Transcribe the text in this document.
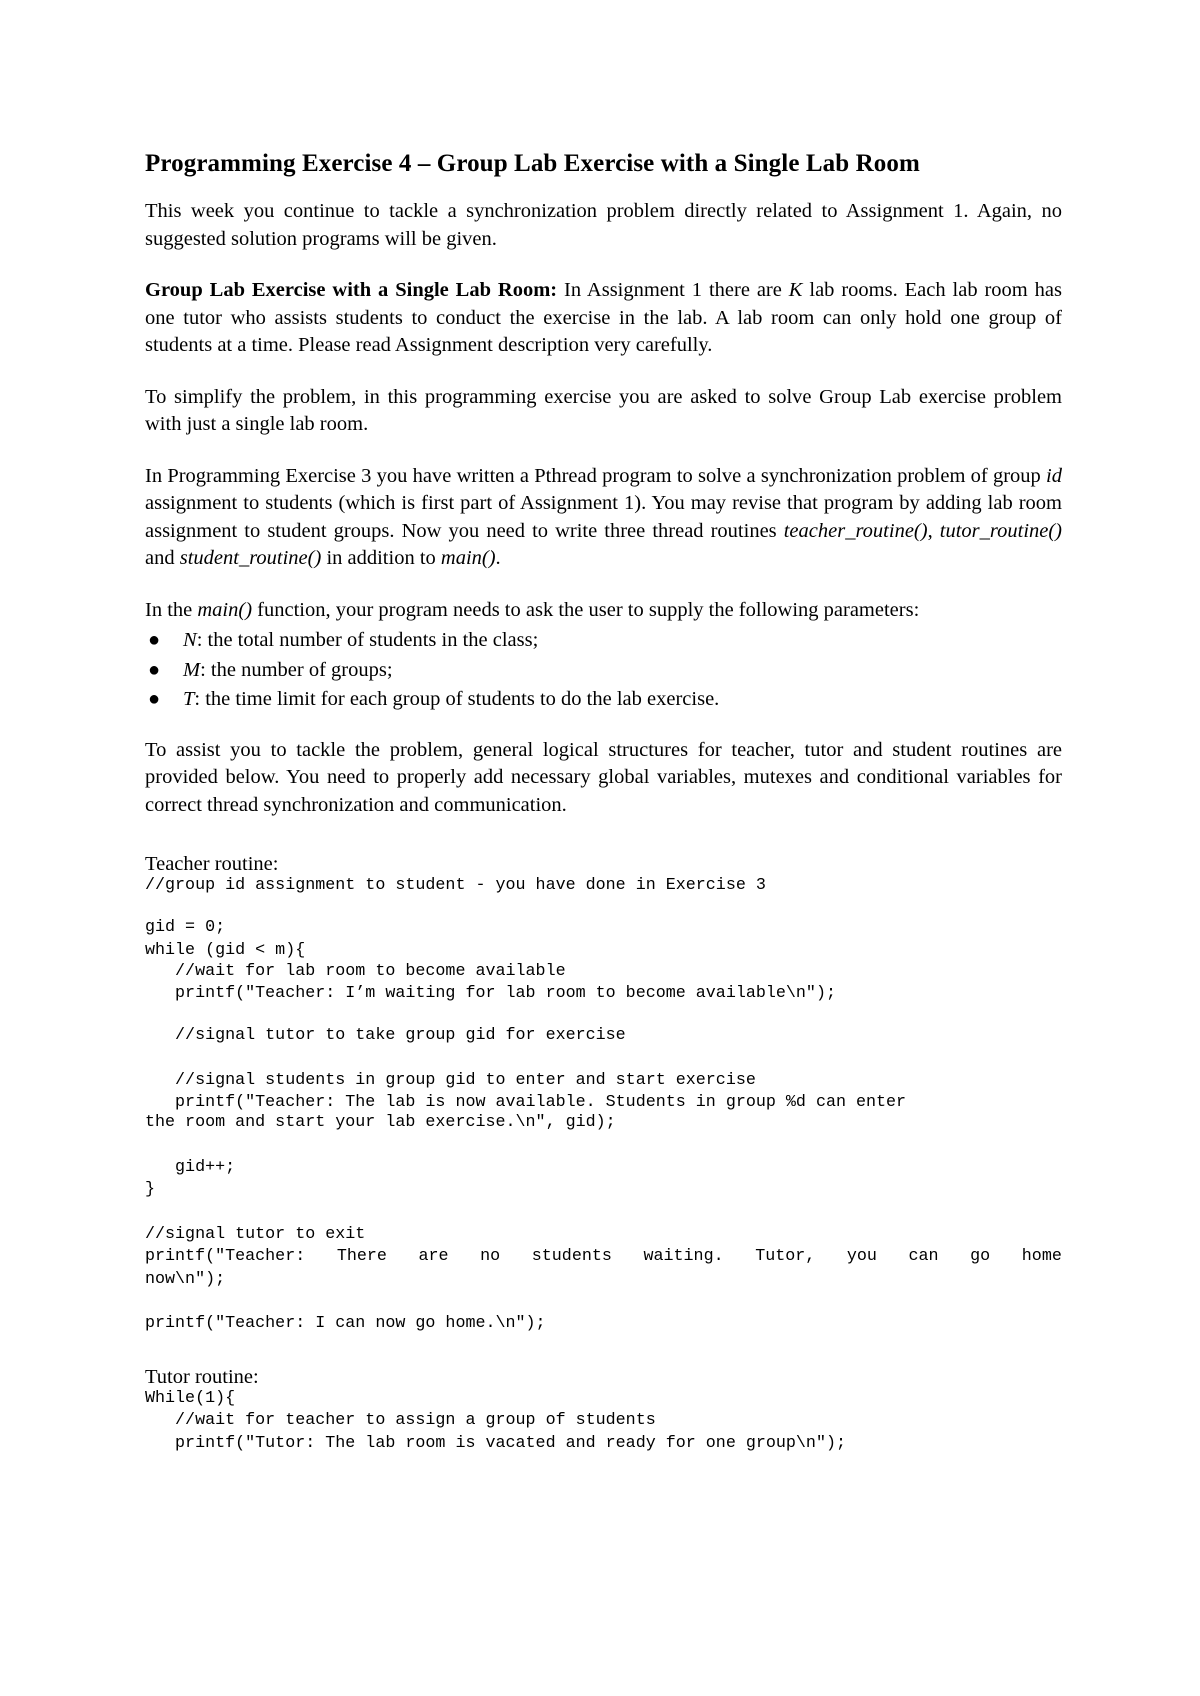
Programming Exercise 4 – Group Lab Exercise with a Single Lab Room

This week you continue to tackle a synchronization problem directly related to Assignment 1. Again, no suggested solution programs will be given.

Group Lab Exercise with a Single Lab Room: In Assignment 1 there are K lab rooms. Each lab room has one tutor who assists students to conduct the exercise in the lab. A lab room can only hold one group of students at a time. Please read Assignment description very carefully.

To simplify the problem, in this programming exercise you are asked to solve Group Lab exercise problem with just a single lab room.

In Programming Exercise 3 you have written a Pthread program to solve a synchronization problem of group id assignment to students (which is first part of Assignment 1). You may revise that program by adding lab room assignment to student groups. Now you need to write three thread routines teacher_routine(), tutor_routine() and student_routine() in addition to main().

In the main() function, your program needs to ask the user to supply the following parameters:

● N: the total number of students in the class;
● M: the number of groups;
● T: the time limit for each group of students to do the lab exercise.

To assist you to tackle the problem, general logical structures for teacher, tutor and student routines are provided below. You need to properly add necessary global variables, mutexes and conditional variables for correct thread synchronization and communication.

Teacher routine:
//group id assignment to student - you have done in Exercise 3
gid = 0;
while (gid < m){
//wait for lab room to become available
printf("Teacher: I’m waiting for lab room to become available\n");
//signal tutor to take group gid for exercise
//signal students in group gid to enter and start exercise
printf("Teacher: The lab is now available. Students in group %d can enter
the room and start your lab exercise.\n", gid);
gid++;
}
//signal tutor to exit
printf("Teacher: There are no students waiting. Tutor, you can go home
now\n");
printf("Teacher: I can now go home.\n");
Tutor routine:
While(1){
//wait for teacher to assign a group of students
printf("Tutor: The lab room is vacated and ready for one group\n");
